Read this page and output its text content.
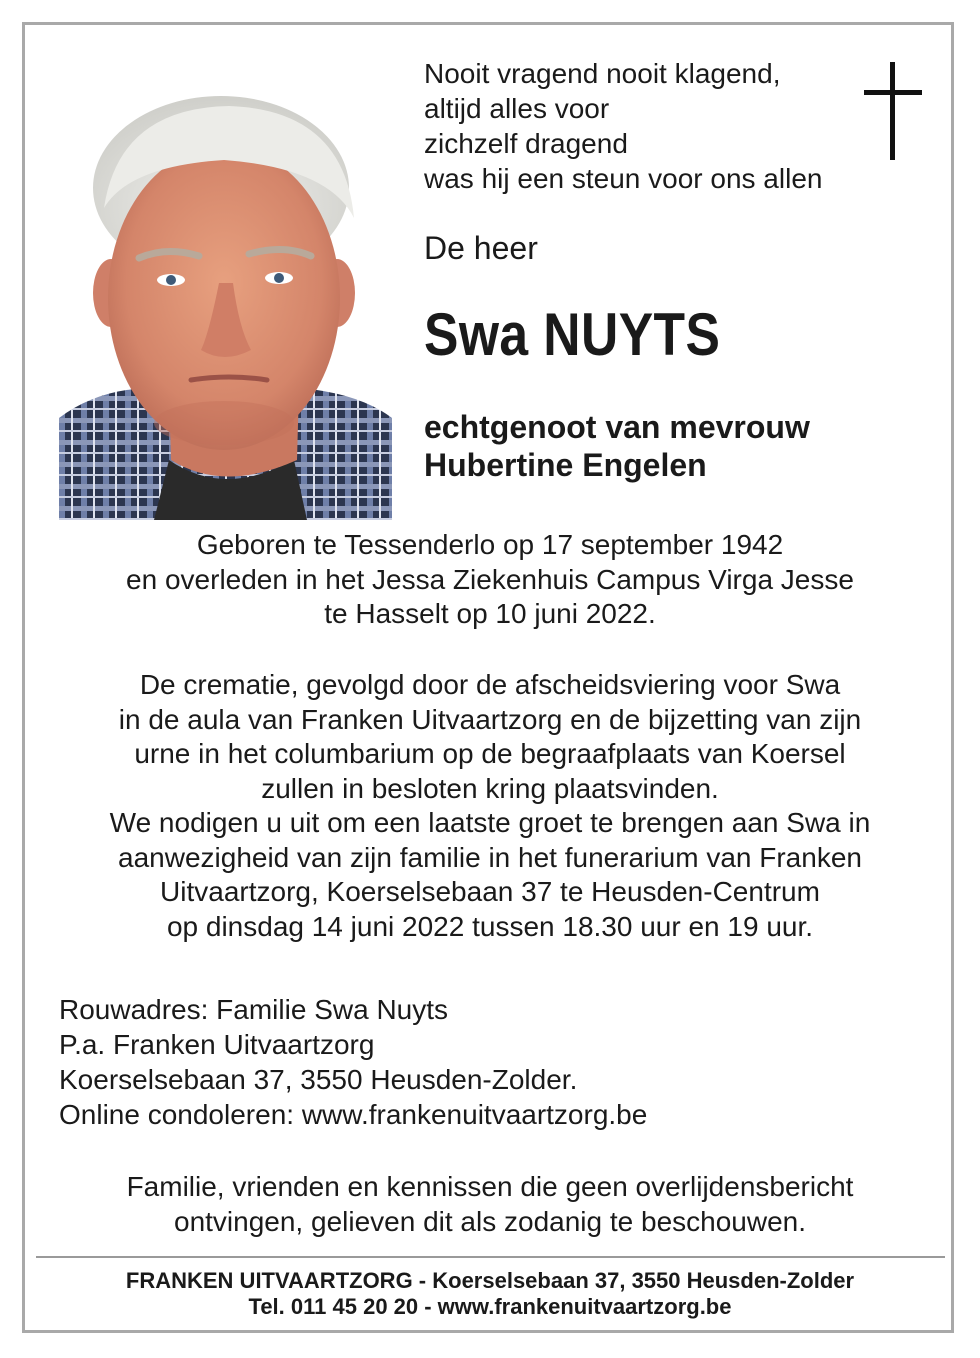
Nooit vragend nooit klagend,
altijd alles voor
zichzelf dragend
was hij een steun voor ons allen
De heer
Swa NUYTS
echtgenoot van mevrouw
Hubertine Engelen
Geboren te Tessenderlo op 17 september 1942
en overleden in het Jessa Ziekenhuis Campus Virga Jesse
te Hasselt op 10 juni 2022.
De crematie, gevolgd door de afscheidsviering voor Swa
in de aula van Franken Uitvaartzorg en de bijzetting van zijn
urne in het columbarium op de begraafplaats van Koersel
zullen in besloten kring plaatsvinden.
We nodigen u uit om een laatste groet te brengen aan Swa in
aanwezigheid van zijn familie in het funerarium van Franken
Uitvaartzorg, Koerselsebaan 37 te Heusden-Centrum
op dinsdag 14 juni 2022 tussen 18.30 uur en 19 uur.
Rouwadres: Familie Swa Nuyts
P.a. Franken Uitvaartzorg
Koerselsebaan 37, 3550 Heusden-Zolder.
Online condoleren: www.frankenuitvaartzorg.be
Familie, vrienden en kennissen die geen overlijdensbericht
ontvingen, gelieven dit als zodanig te beschouwen.
FRANKEN UITVAARTZORG - Koerselsebaan 37, 3550 Heusden-Zolder
Tel. 011 45 20 20 - www.frankenuitvaartzorg.be
